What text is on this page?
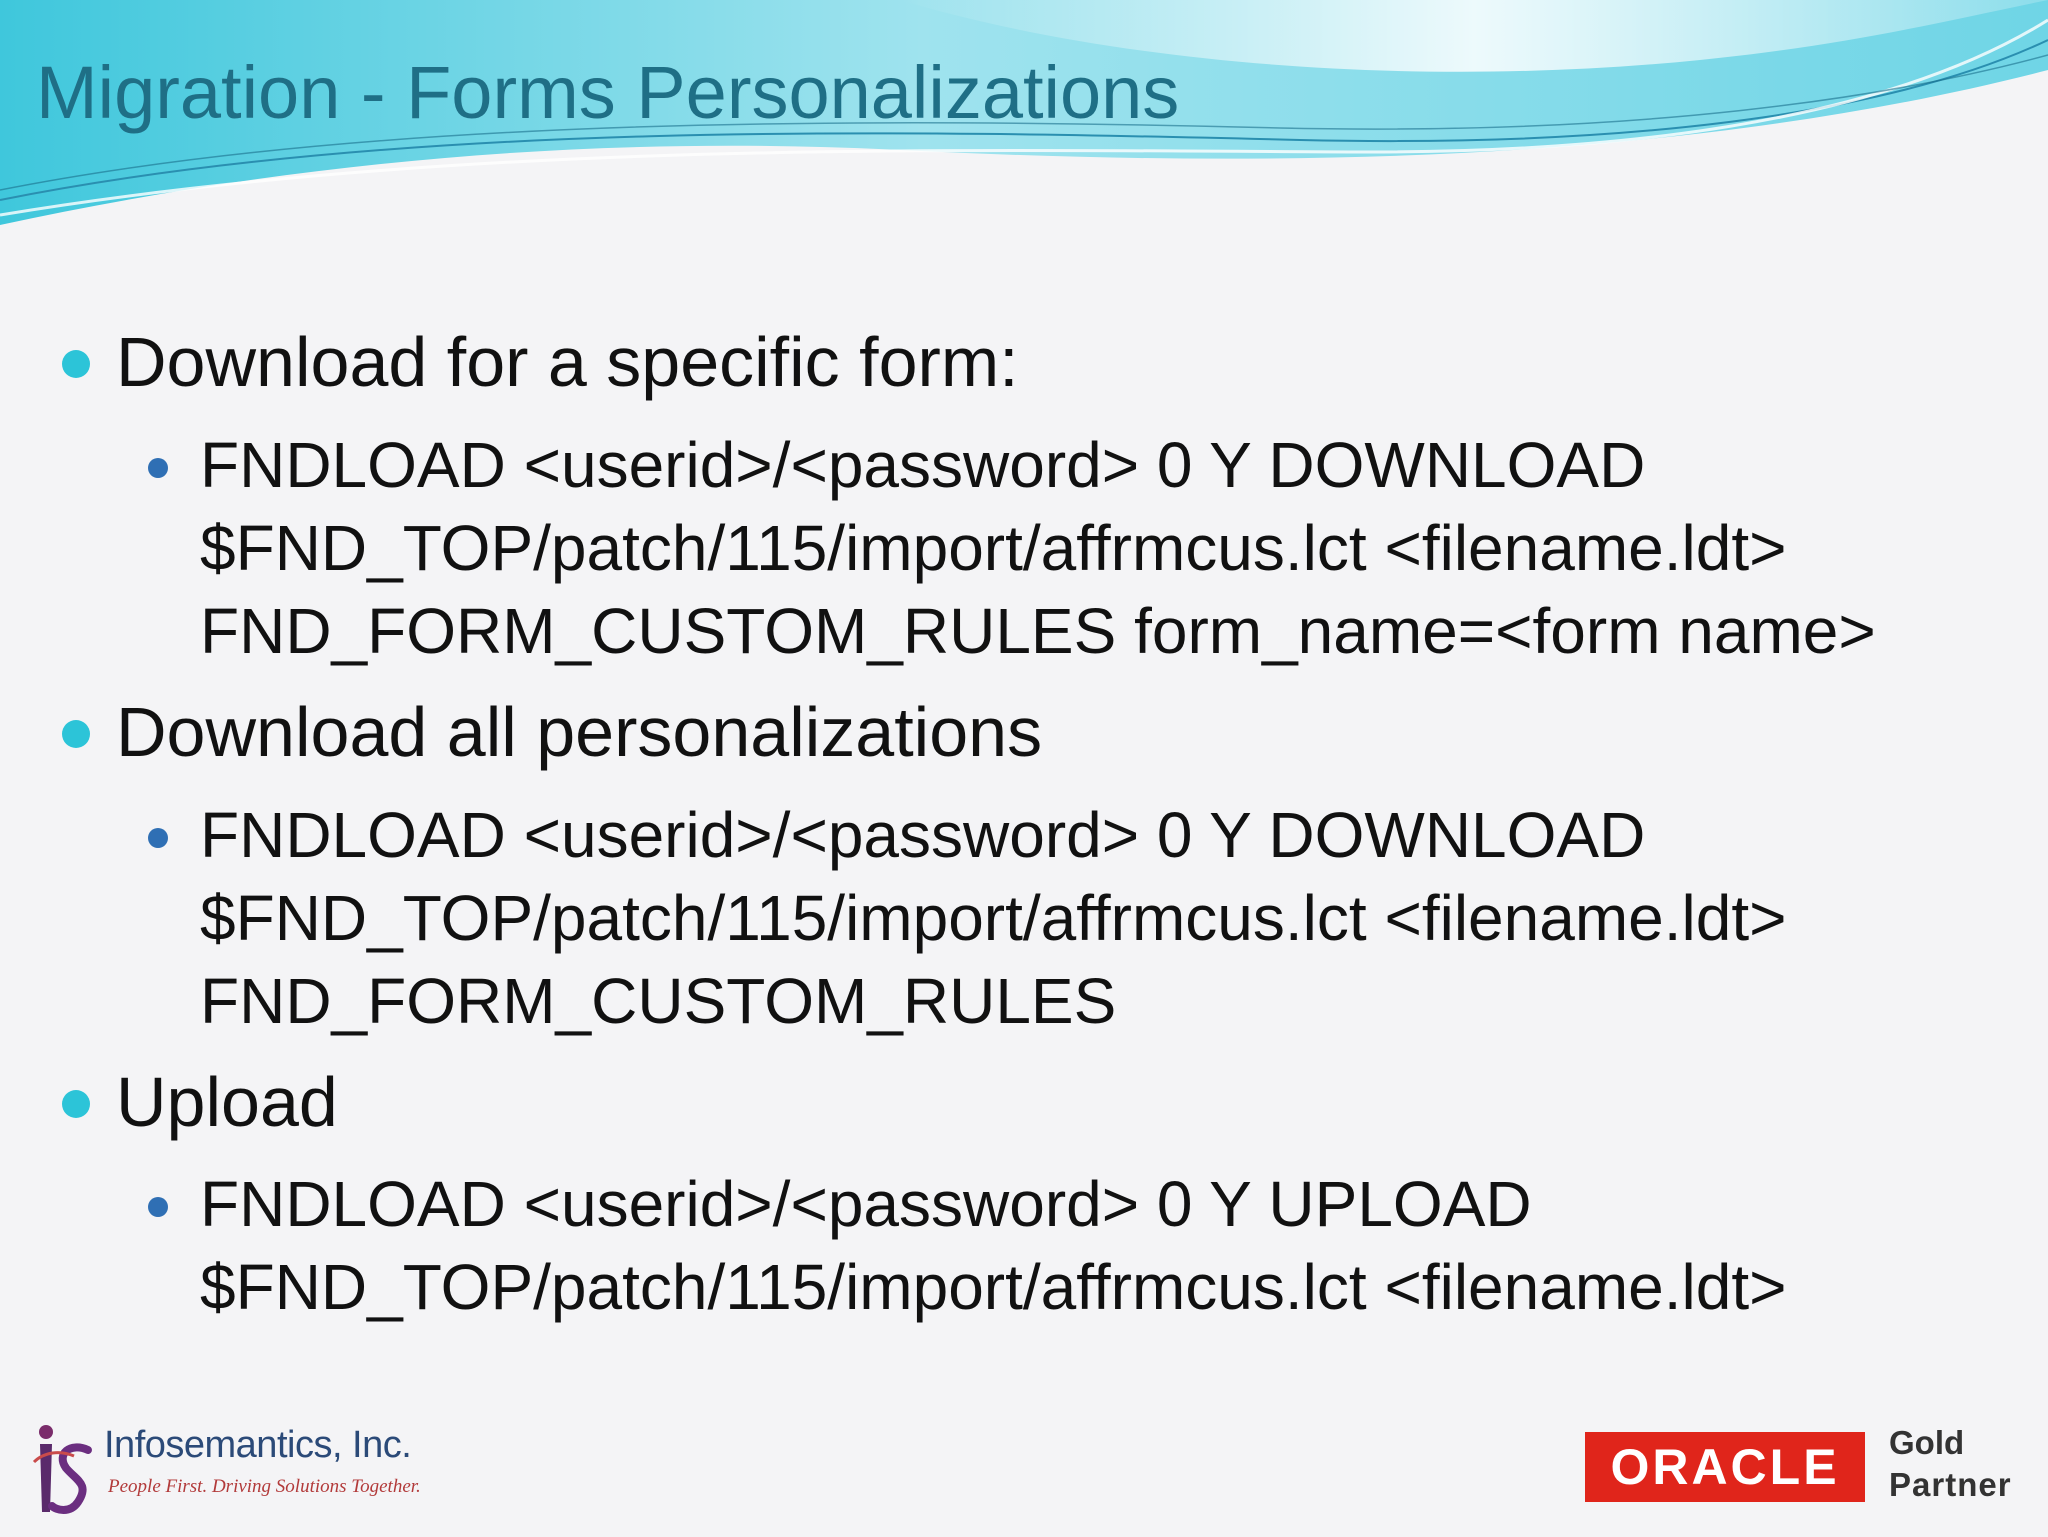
Migration - Forms Personalizations
Download for a specific form:
FNDLOAD <userid>/<password> 0 Y DOWNLOAD
$FND_TOP/patch/115/import/affrmcus.lct <filename.ldt>
FND_FORM_CUSTOM_RULES form_name=<form name>
Download all personalizations
FNDLOAD <userid>/<password> 0 Y DOWNLOAD
$FND_TOP/patch/115/import/affrmcus.lct <filename.ldt>
FND_FORM_CUSTOM_RULES
Upload
FNDLOAD <userid>/<password> 0 Y UPLOAD
$FND_TOP/patch/115/import/affrmcus.lct <filename.ldt>
Infosemantics, Inc.
People First. Driving Solutions Together.	ORACLE Gold
Partner
